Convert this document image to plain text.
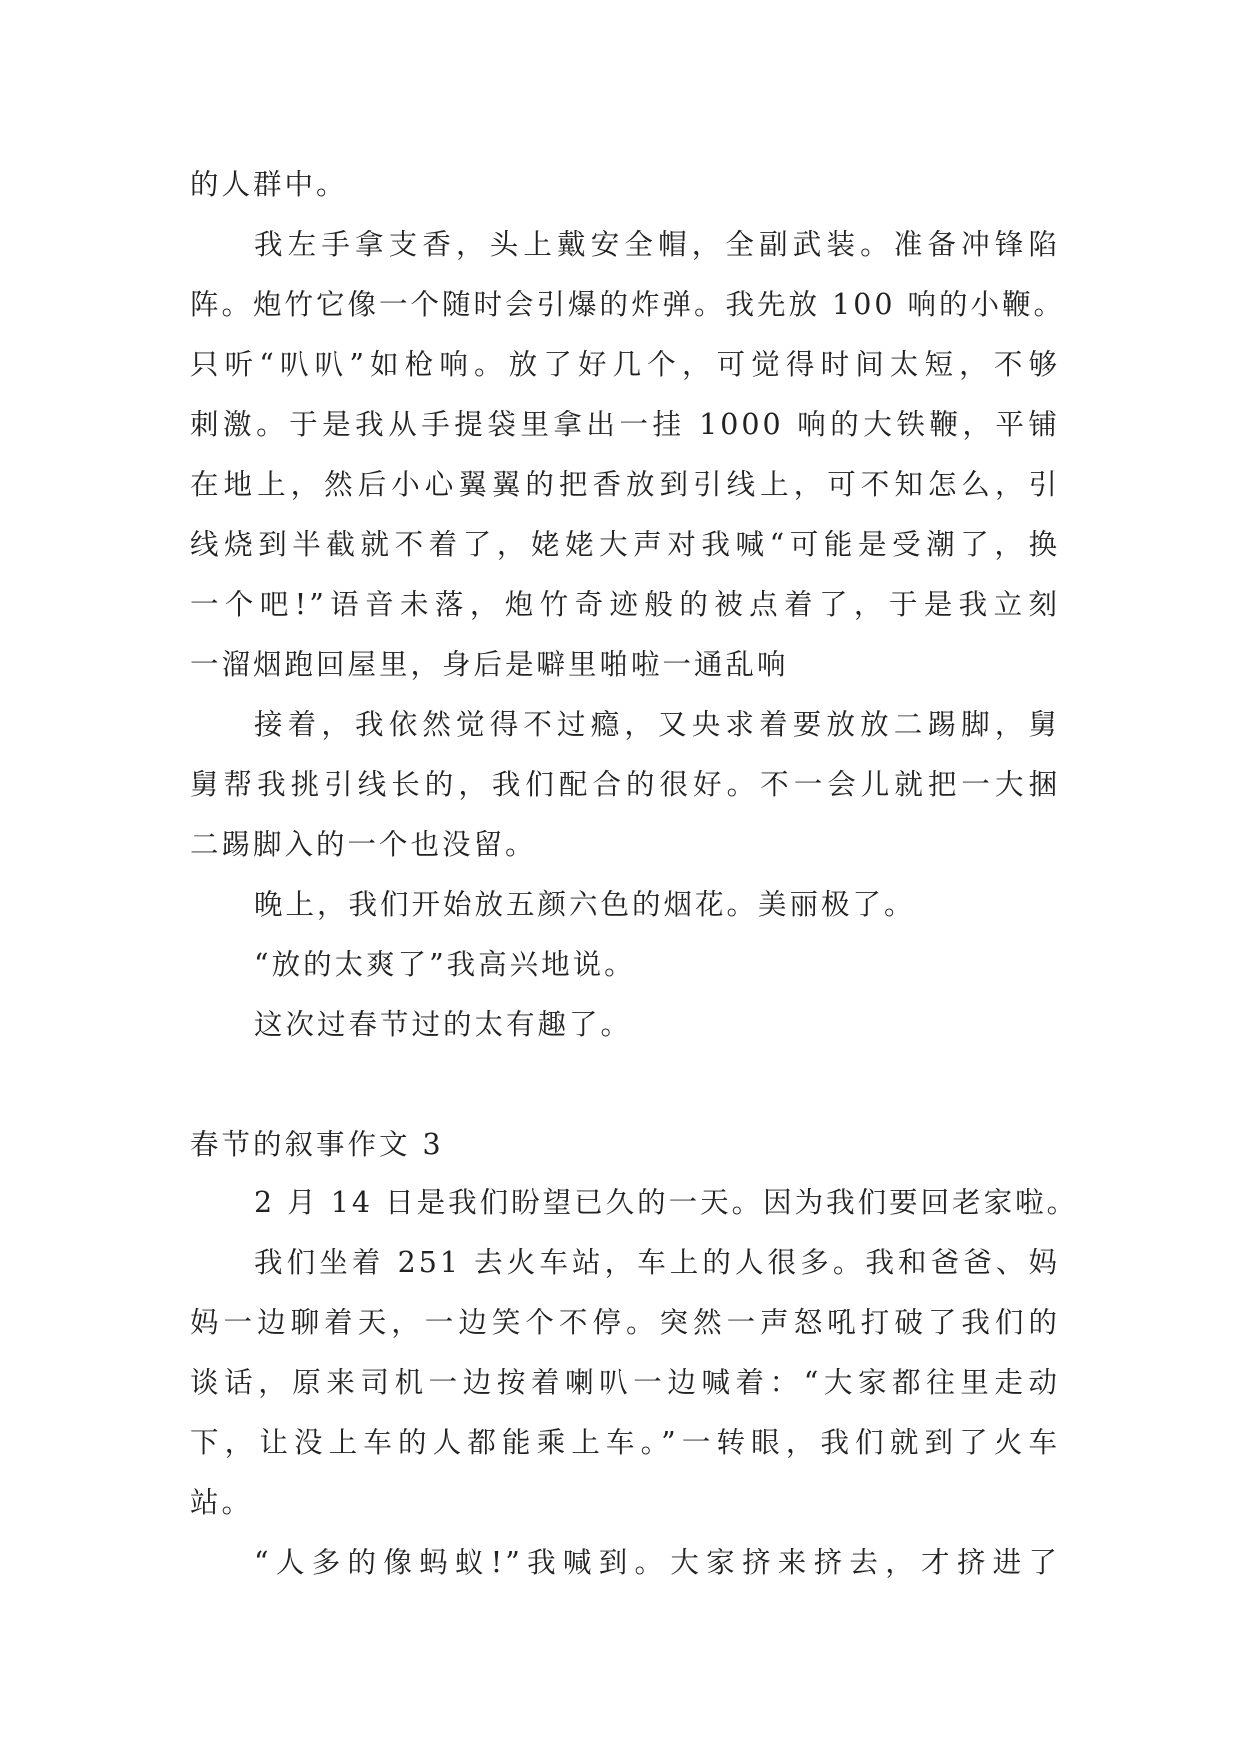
的人群中。
我左手拿支香，头上戴安全帽，全副武装。准备冲锋陷
阵。炮竹它像一个随时会引爆的炸弹。我先放 100 响的小鞭。
只听“叭叭”如枪响。放了好几个，可觉得时间太短，不够
刺激。于是我从手提袋里拿出一挂 1000 响的大铁鞭，平铺
在地上，然后小心翼翼的把香放到引线上，可不知怎么，引
线烧到半截就不着了，姥姥大声对我喊“可能是受潮了，换
一个吧!”语音未落，炮竹奇迹般的被点着了，于是我立刻
一溜烟跑回屋里，身后是噼里啪啦一通乱响
接着，我依然觉得不过瘾，又央求着要放放二踢脚，舅
舅帮我挑引线长的，我们配合的很好。不一会儿就把一大捆
二踢脚入的一个也没留。
晚上，我们开始放五颜六色的烟花。美丽极了。
“放的太爽了”我高兴地说。
这次过春节过的太有趣了。
春节的叙事作文 3
2 月 14 日是我们盼望已久的一天。因为我们要回老家啦。
我们坐着 251 去火车站，车上的人很多。我和爸爸、妈
妈一边聊着天，一边笑个不停。突然一声怒吼打破了我们的
谈话，原来司机一边按着喇叭一边喊着：“大家都往里走动
下，让没上车的人都能乘上车。”一转眼，我们就到了火车
站。
“人多的像蚂蚁!”我喊到。大家挤来挤去，才挤进了
